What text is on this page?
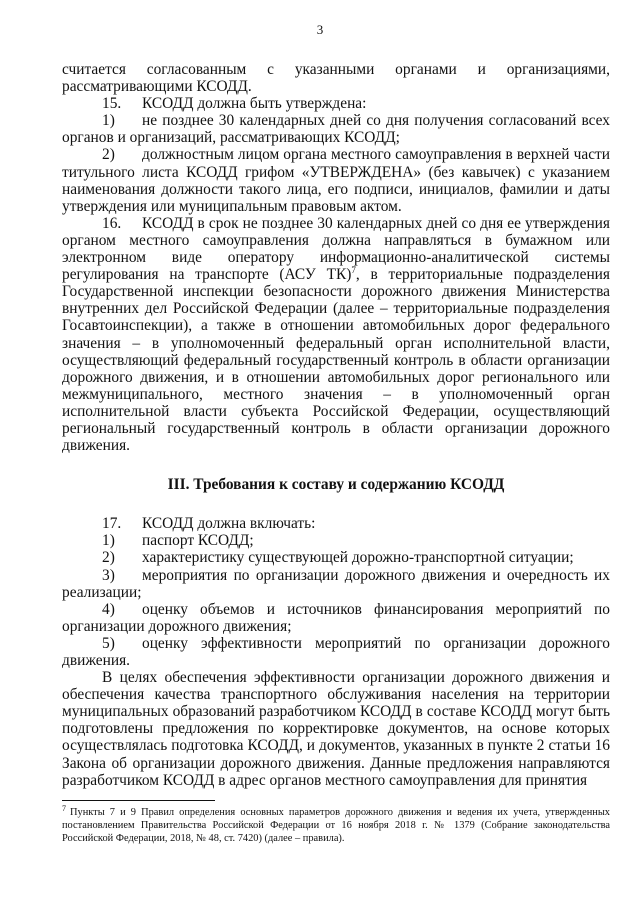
3

считается согласованным с указанными органами и организациями, рассматривающими КСОДД.

15. КСОДД должна быть утверждена:

1) не позднее 30 календарных дней со дня получения согласований всех органов и организаций, рассматривающих КСОДД;

2) должностным лицом органа местного самоуправления в верхней части титульного листа КСОДД грифом «УТВЕРЖДЕНА» (без кавычек) с указанием наименования должности такого лица, его подписи, инициалов, фамилии и даты утверждения или муниципальным правовым актом.

16. КСОДД в срок не позднее 30 календарных дней со дня ее утверждения органом местного самоуправления должна направляться в бумажном или электронном виде оператору информационно-аналитической системы регулирования на транспорте (АСУ ТК)$^7$, в территориальные подразделения Государственной инспекции безопасности дорожного движения Министерства внутренних дел Российской Федерации (далее – территориальные подразделения Госавтоинспекции), а также в отношении автомобильных дорог федерального значения – в уполномоченный федеральный орган исполнительной власти, осуществляющий федеральный государственный контроль в области организации дорожного движения, и в отношении автомобильных дорог регионального или межмуниципального, местного значения – в уполномоченный орган исполнительной власти субъекта Российской Федерации, осуществляющий региональный государственный контроль в области организации дорожного движения.

III. Требования к составу и содержанию КСОДД

17. КСОДД должна включать:

1) паспорт КСОДД;

2) характеристику существующей дорожно-транспортной ситуации;

3) мероприятия по организации дорожного движения и очередность их реализации;

4) оценку объемов и источников финансирования мероприятий по организации дорожного движения;

5) оценку эффективности мероприятий по организации дорожного движения.

В целях обеспечения эффективности организации дорожного движения и обеспечения качества транспортного обслуживания населения на территории муниципальных образований разработчиком КСОДД в составе КСОДД могут быть подготовлены предложения по корректировке документов, на основе которых осуществлялась подготовка КСОДД, и документов, указанных в пункте 2 статьи 16 Закона об организации дорожного движения. Данные предложения направляются разработчиком КСОДД в адрес органов местного самоуправления для принятия

$^7$ Пункты 7 и 9 Правил определения основных параметров дорожного движения и ведения их учета, утвержденных постановлением Правительства Российской Федерации от 16 ноября 2018 г. № 1379 (Собрание законодательства Российской Федерации, 2018, № 48, ст. 7420) (далее – правила).
